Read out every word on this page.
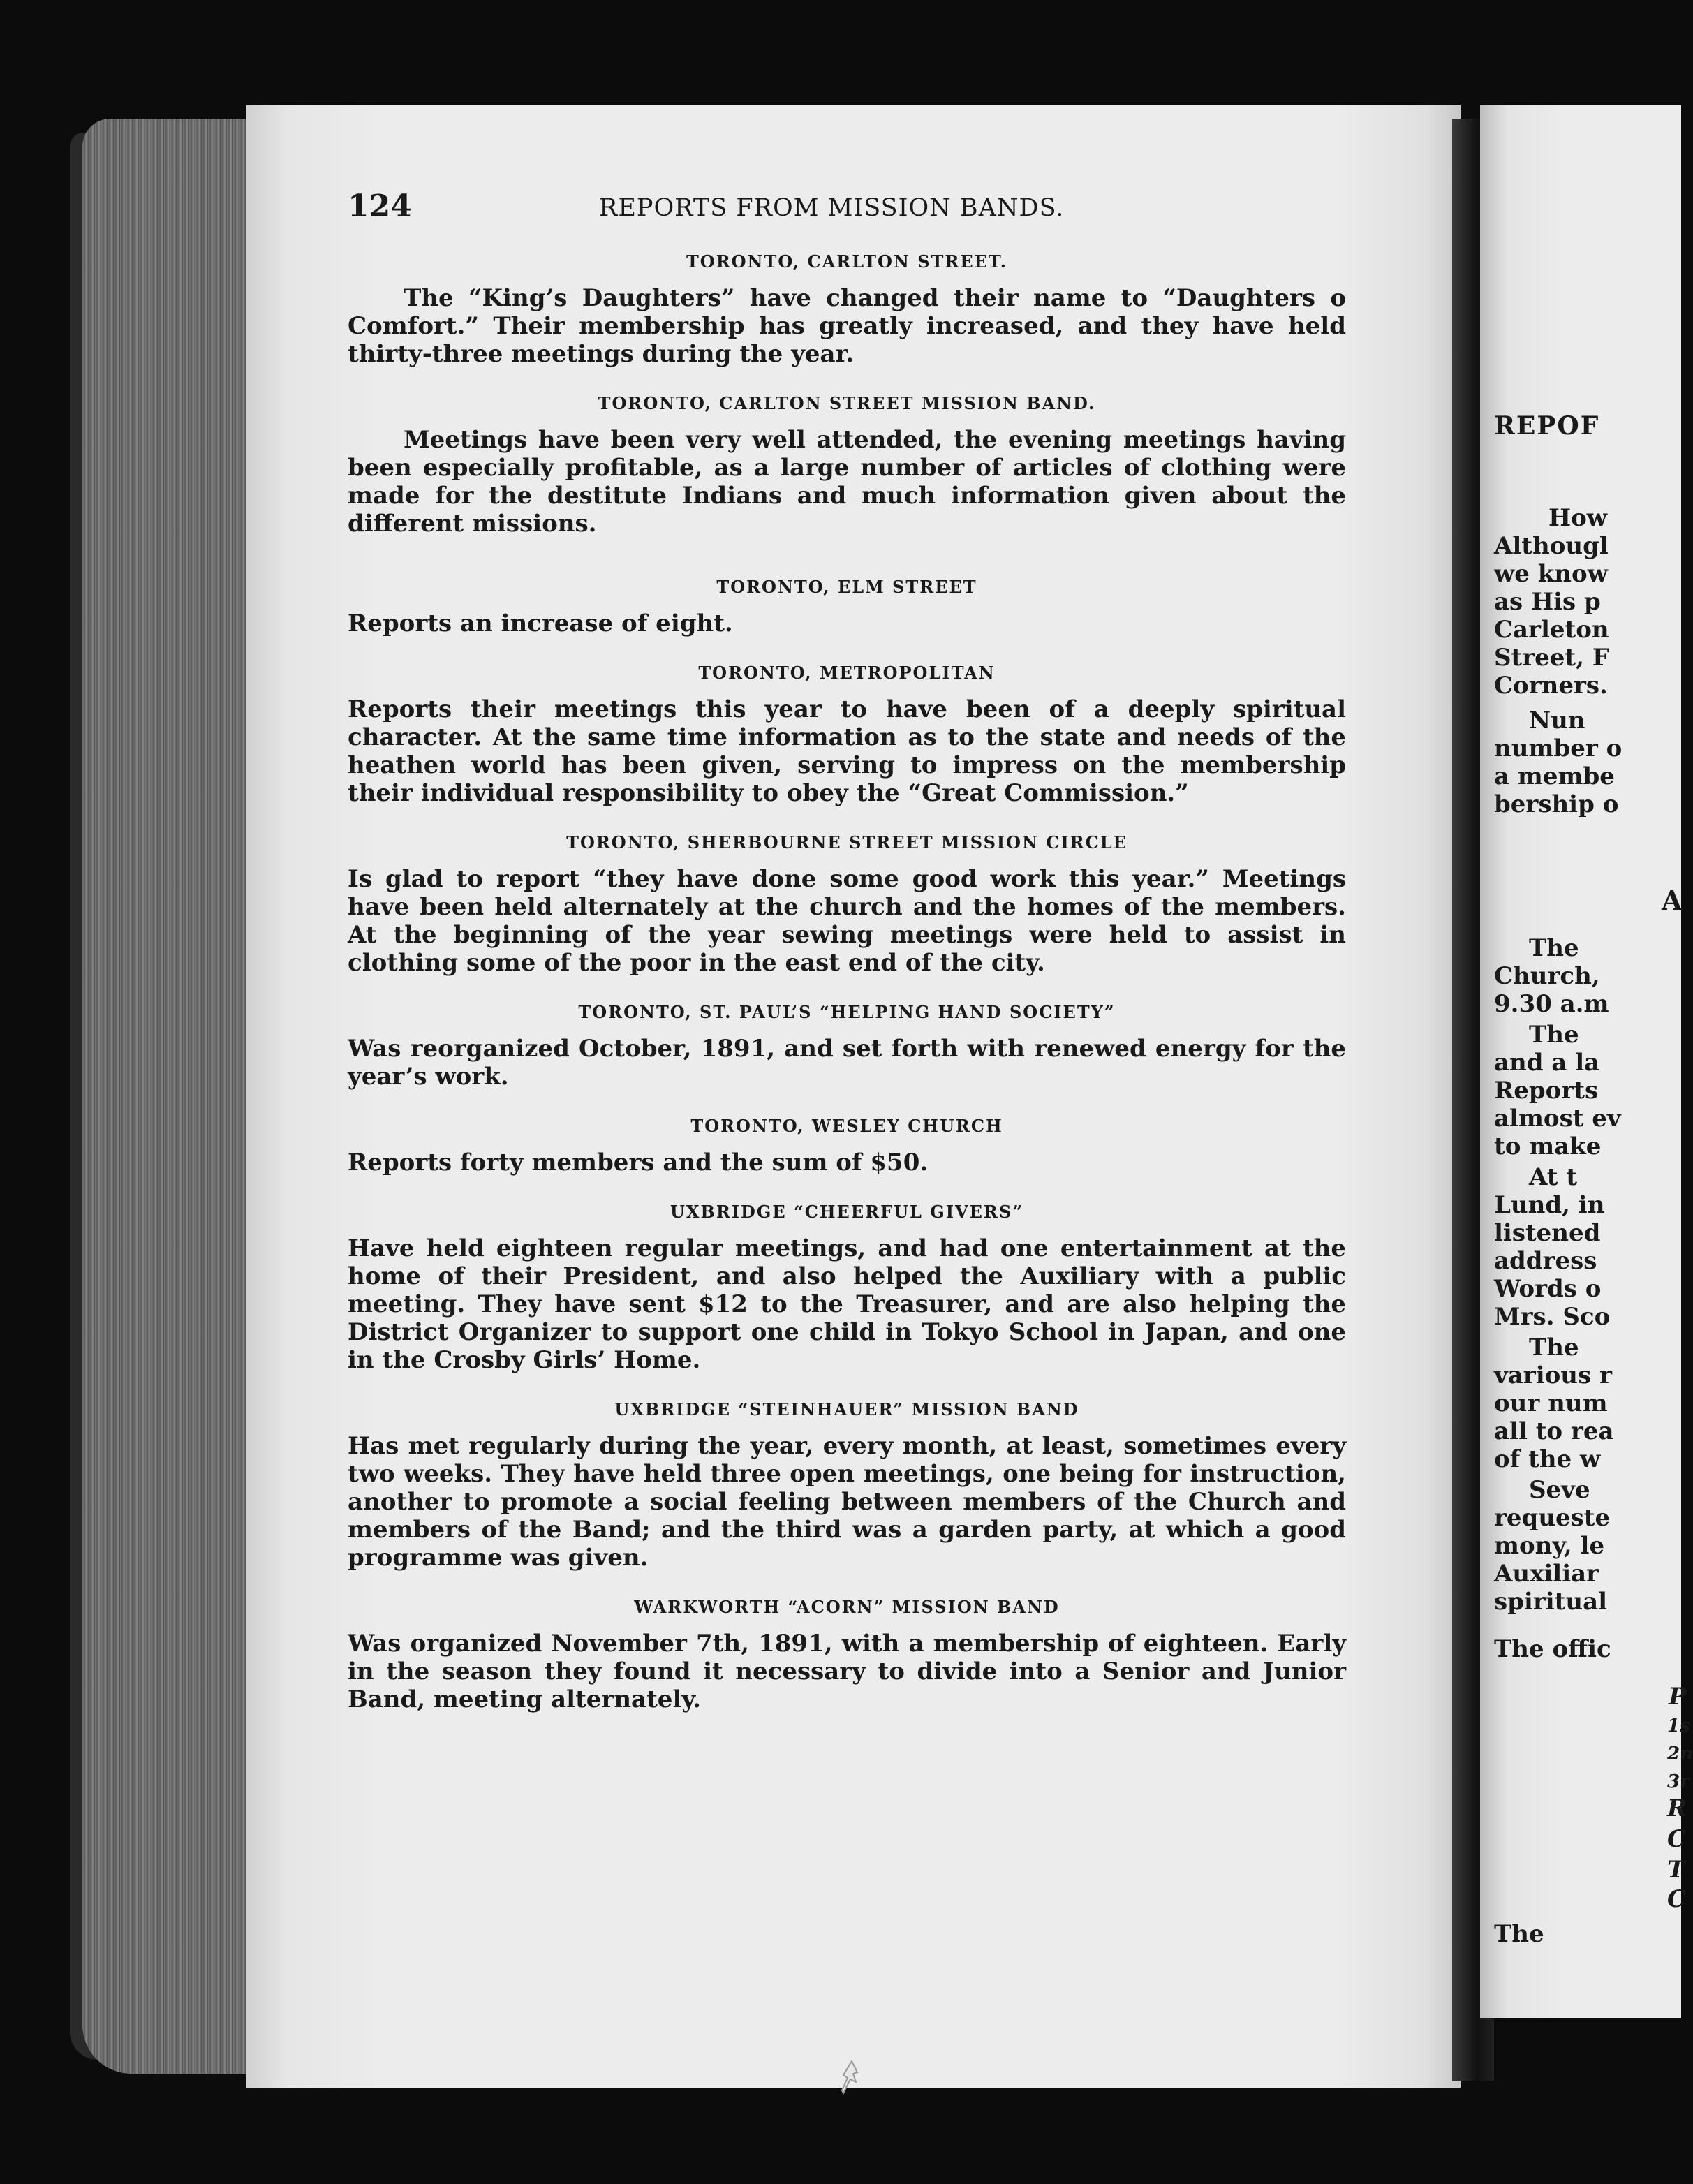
124	REPORTS FROM MISSION BANDS.

TORONTO, CARLTON STREET.

The “King’s Daughters” have changed their name to “Daughters o Comfort.” Their membership has greatly increased, and they have held thirty-three meetings during the year.

TORONTO, CARLTON STREET MISSION BAND.

Meetings have been very well attended, the evening meetings having been especially profitable, as a large number of articles of clothing were made for the destitute Indians and much information given about the different missions.

TORONTO, ELM STREET

Reports an increase of eight.

TORONTO, METROPOLITAN

Reports their meetings this year to have been of a deeply spiritual character. At the same time information as to the state and needs of the heathen world has been given, serving to impress on the membership their individual responsibility to obey the “Great Commission.”

TORONTO, SHERBOURNE STREET MISSION CIRCLE

Is glad to report “they have done some good work this year.” Meetings have been held alternately at the church and the homes of the members. At the beginning of the year sewing meetings were held to assist in clothing some of the poor in the east end of the city.

TORONTO, ST. PAUL’S “HELPING HAND SOCIETY”

Was reorganized October, 1891, and set forth with renewed energy for the year’s work.

TORONTO, WESLEY CHURCH

Reports forty members and the sum of $50.

UXBRIDGE “CHEERFUL GIVERS”

Have held eighteen regular meetings, and had one entertainment at the home of their President, and also helped the Auxiliary with a public meeting. They have sent $12 to the Treasurer, and are also helping the District Organizer to support one child in Tokyo School in Japan, and one in the Crosby Girls’ Home.

UXBRIDGE “STEINHAUER” MISSION BAND

Has met regularly during the year, every month, at least, sometimes every two weeks. They have held three open meetings, one being for instruction, another to promote a social feeling between members of the Church and members of the Band; and the third was a garden party, at which a good programme was given.

WARKWORTH “ACORN” MISSION BAND

Was organized November 7th, 1891, with a membership of eighteen. Early in the season they found it necessary to divide into a Senior and Junior Band, meeting alternately.

REPOF
How
Althougl
we know
as His p
Carleton
Street, F
Corners.
Nun
number o
a membe
bership o
A
The
Church,
9.30 a.m
The
and a la
Reports
almost ev
to make
At t
Lund, in
listened
address
Words o
Mrs. Sco
The
various r
our num
all to rea
of the w
Seve
requeste
mony, le
Auxiliar
spiritual
The offic
P
1s
2n
3r
R
C
T
C
The
